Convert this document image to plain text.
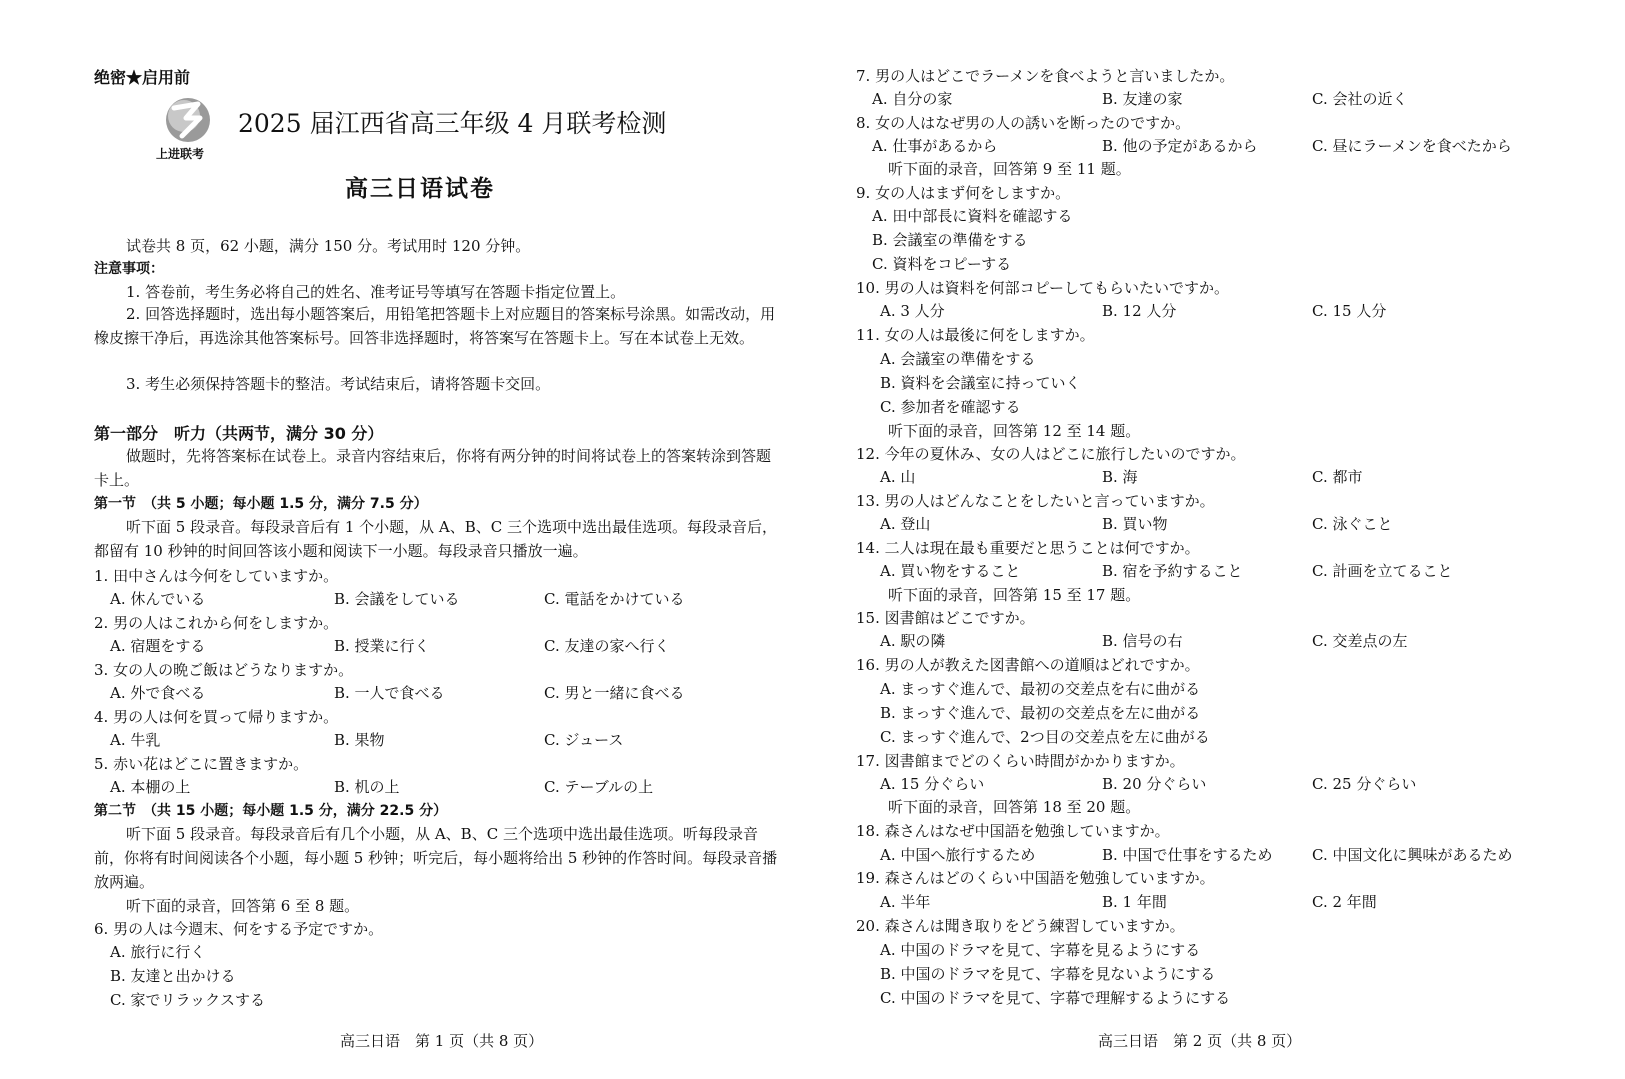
绝密★启用前
上进联考
2025 届江西省高三年级 4 月联考检测
高三日语试卷
试卷共 8 页，62 小题，满分 150 分。考试用时 120 分钟。
注意事项：
1. 答卷前，考生务必将自己的姓名、准考证号等填写在答题卡指定位置上。
2. 回答选择题时，选出每小题答案后，用铅笔把答题卡上对应题目的答案标号涂黑。如需改动，用橡皮擦干净后，再选涂其他答案标号。回答非选择题时，将答案写在答题卡上。写在本试卷上无效。
3. 考生必须保持答题卡的整洁。考试结束后，请将答题卡交回。
第一部分　听力（共两节，满分 30 分）
做题时，先将答案标在试卷上。录音内容结束后，你将有两分钟的时间将试卷上的答案转涂到答题卡上。
第一节　（共 5 小题；每小题 1.5 分，满分 7.5 分）
听下面 5 段录音。每段录音后有 1 个小题，从 A、B、C 三个选项中选出最佳选项。每段录音后，都留有 10 秒钟的时间回答该小题和阅读下一小题。每段录音只播放一遍。
1. 田中さんは今何をしていますか。
A. 休んでいる	B. 会議をしている	C. 電話をかけている
2. 男の人はこれから何をしますか。
A. 宿題をする	B. 授業に行く	C. 友達の家へ行く
3. 女の人の晩ご飯はどうなりますか。
A. 外で食べる	B. 一人で食べる	C. 男と一緒に食べる
4. 男の人は何を買って帰りますか。
A. 牛乳	B. 果物	C. ジュース
5. 赤い花はどこに置きますか。
A. 本棚の上	B. 机の上	C. テーブルの上
第二节　（共 15 小题；每小题 1.5 分，满分 22.5 分）
听下面 5 段录音。每段录音后有几个小题，从 A、B、C 三个选项中选出最佳选项。听每段录音前，你将有时间阅读各个小题，每小题 5 秒钟；听完后，每小题将给出 5 秒钟的作答时间。每段录音播放两遍。
听下面的录音，回答第 6 至 8 题。
6. 男の人は今週末、何をする予定ですか。
A. 旅行に行く
B. 友達と出かける
C. 家でリラックスする
高三日语　第 1 页（共 8 页）
7. 男の人はどこでラーメンを食べようと言いましたか。
A. 自分の家	B. 友達の家	C. 会社の近く
8. 女の人はなぜ男の人の誘いを断ったのですか。
A. 仕事があるから	B. 他の予定があるから	C. 昼にラーメンを食べたから
听下面的录音，回答第 9 至 11 题。
9. 女の人はまず何をしますか。
A. 田中部長に資料を確認する
B. 会議室の準備をする
C. 資料をコピーする
10. 男の人は資料を何部コピーしてもらいたいですか。
A. 3 人分	B. 12 人分	C. 15 人分
11. 女の人は最後に何をしますか。
A. 会議室の準備をする
B. 資料を会議室に持っていく
C. 参加者を確認する
听下面的录音，回答第 12 至 14 题。
12. 今年の夏休み、女の人はどこに旅行したいのですか。
A. 山	B. 海	C. 都市
13. 男の人はどんなことをしたいと言っていますか。
A. 登山	B. 買い物	C. 泳ぐこと
14. 二人は現在最も重要だと思うことは何ですか。
A. 買い物をすること	B. 宿を予約すること	C. 計画を立てること
听下面的录音，回答第 15 至 17 题。
15. 図書館はどこですか。
A. 駅の隣	B. 信号の右	C. 交差点の左
16. 男の人が教えた図書館への道順はどれですか。
A. まっすぐ進んで、最初の交差点を右に曲がる
B. まっすぐ進んで、最初の交差点を左に曲がる
C. まっすぐ進んで、2つ目の交差点を左に曲がる
17. 図書館までどのくらい時間がかかりますか。
A. 15 分ぐらい	B. 20 分ぐらい	C. 25 分ぐらい
听下面的录音，回答第 18 至 20 题。
18. 森さんはなぜ中国語を勉強していますか。
A. 中国へ旅行するため	B. 中国で仕事をするため	C. 中国文化に興味があるため
19. 森さんはどのくらい中国語を勉強していますか。
A. 半年	B. 1 年間	C. 2 年間
20. 森さんは聞き取りをどう練習していますか。
A. 中国のドラマを見て、字幕を見るようにする
B. 中国のドラマを見て、字幕を見ないようにする
C. 中国のドラマを見て、字幕で理解するようにする
高三日语　第 2 页（共 8 页）
